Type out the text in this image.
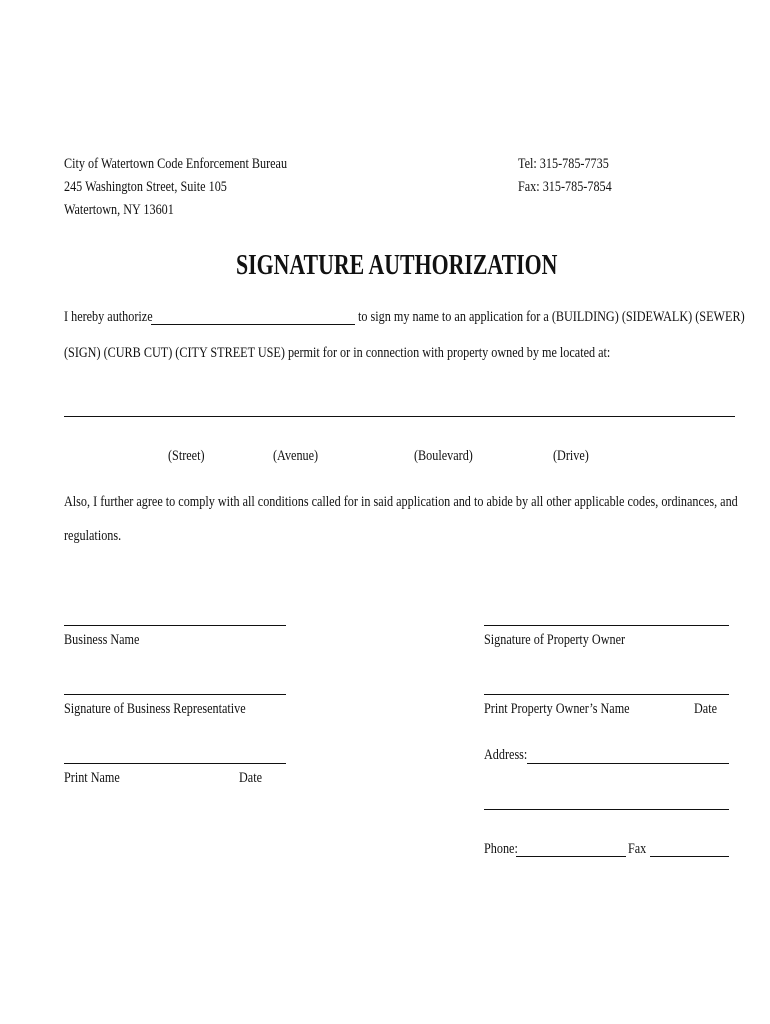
City of Watertown Code Enforcement Bureau
245 Washington Street, Suite 105
Watertown, NY 13601
Tel: 315-785-7735
Fax: 315-785-7854
SIGNATURE AUTHORIZATION
I hereby authorize	to sign my name to an application for a (BUILDING) (SIDEWALK) (SEWER)
(SIGN) (CURB CUT) (CITY STREET USE) permit for or in connection with property owned by me located at:
(Street)	(Avenue)	(Boulevard)	(Drive)
Also, I further agree to comply with all conditions called for in said application and to abide by all other applicable codes, ordinances, and
regulations.
Business Name
Signature of Business Representative
Print Name	Date
Signature of Property Owner
Print Property Owner’s Name	Date
Address:
Phone:	Fax
